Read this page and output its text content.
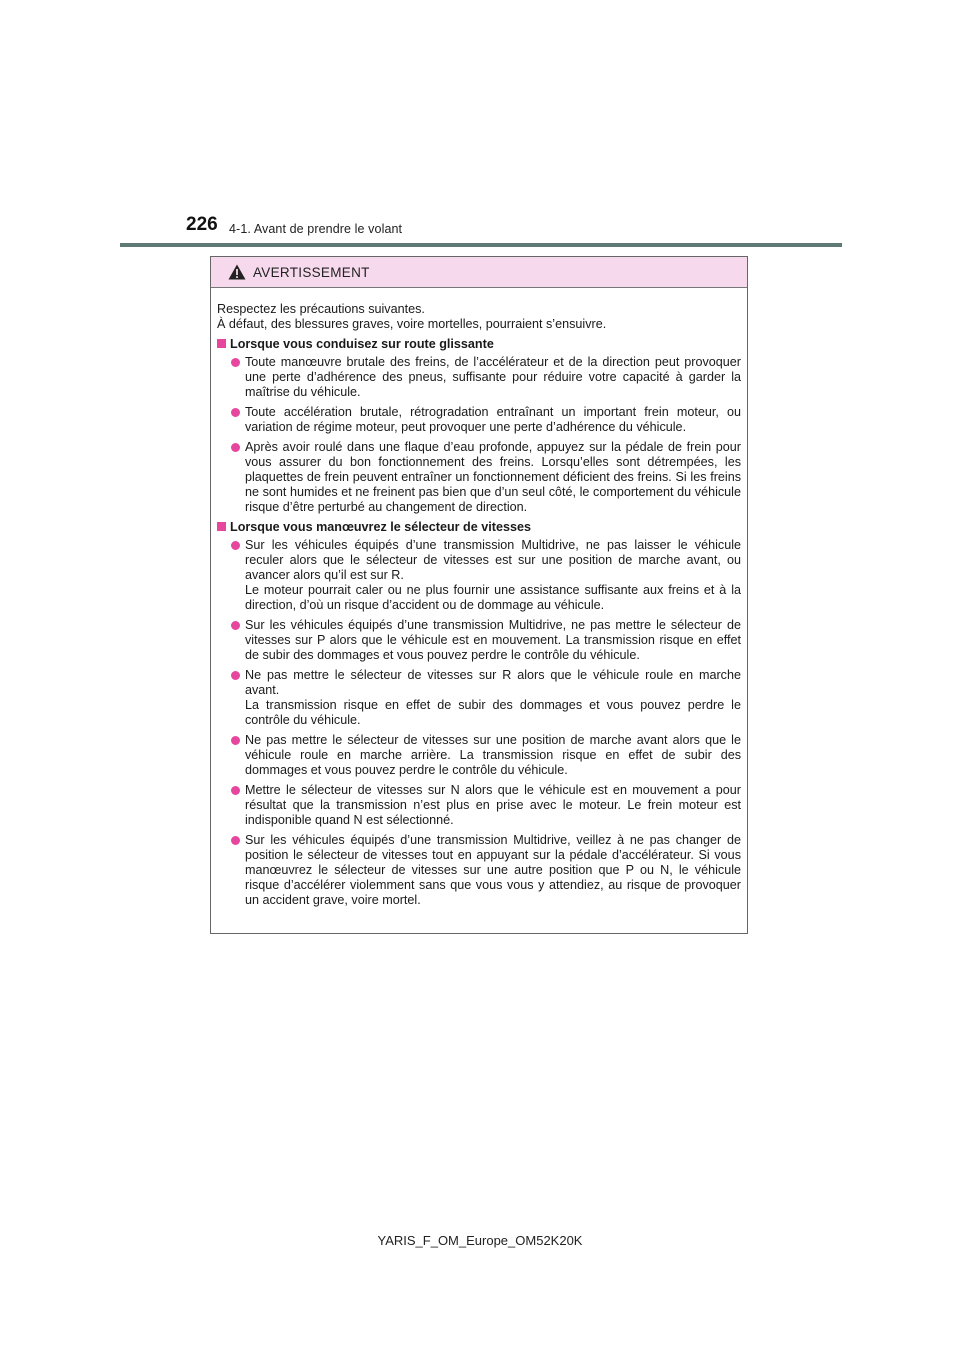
226 4-1. Avant de prendre le volant
AVERTISSEMENT

Respectez les précautions suivantes.

À défaut, des blessures graves, voire mortelles, pourraient s’ensuivre.

Lorsque vous conduisez sur route glissante
Toute manœuvre brutale des freins, de l’accélérateur et de la direction peut provoquer une perte d’adhérence des pneus, suffisante pour réduire votre capacité à garder la maîtrise du véhicule.
Toute accélération brutale, rétrogradation entraînant un important frein moteur, ou variation de régime moteur, peut provoquer une perte d’adhérence du véhicule.
Après avoir roulé dans une flaque d’eau profonde, appuyez sur la pédale de frein pour vous assurer du bon fonctionnement des freins. Lorsqu’elles sont détrempées, les plaquettes de frein peuvent entraîner un fonctionnement déficient des freins. Si les freins ne sont humides et ne freinent pas bien que d’un seul côté, le comportement du véhicule risque d’être perturbé au changement de direction.
Lorsque vous manœuvrez le sélecteur de vitesses
Sur les véhicules équipés d’une transmission Multidrive, ne pas laisser le véhicule reculer alors que le sélecteur de vitesses est sur une position de marche avant, ou avancer alors qu’il est sur R.
Le moteur pourrait caler ou ne plus fournir une assistance suffisante aux freins et à la direction, d’où un risque d’accident ou de dommage au véhicule.
Sur les véhicules équipés d’une transmission Multidrive, ne pas mettre le sélecteur de vitesses sur P alors que le véhicule est en mouvement. La transmission risque en effet de subir des dommages et vous pouvez perdre le contrôle du véhicule.
Ne pas mettre le sélecteur de vitesses sur R alors que le véhicule roule en marche avant.
La transmission risque en effet de subir des dommages et vous pouvez perdre le contrôle du véhicule.
Ne pas mettre le sélecteur de vitesses sur une position de marche avant alors que le véhicule roule en marche arrière. La transmission risque en effet de subir des dommages et vous pouvez perdre le contrôle du véhicule.
Mettre le sélecteur de vitesses sur N alors que le véhicule est en mouvement a pour résultat que la transmission n’est plus en prise avec le moteur. Le frein moteur est indisponible quand N est sélectionné.
Sur les véhicules équipés d’une transmission Multidrive, veillez à ne pas changer de position le sélecteur de vitesses tout en appuyant sur la pédale d’accélérateur. Si vous manœuvrez le sélecteur de vitesses sur une autre position que P ou N, le véhicule risque d’accélérer violemment sans que vous vous y attendiez, au risque de provoquer un accident grave, voire mortel.
YARIS_F_OM_Europe_OM52K20K
